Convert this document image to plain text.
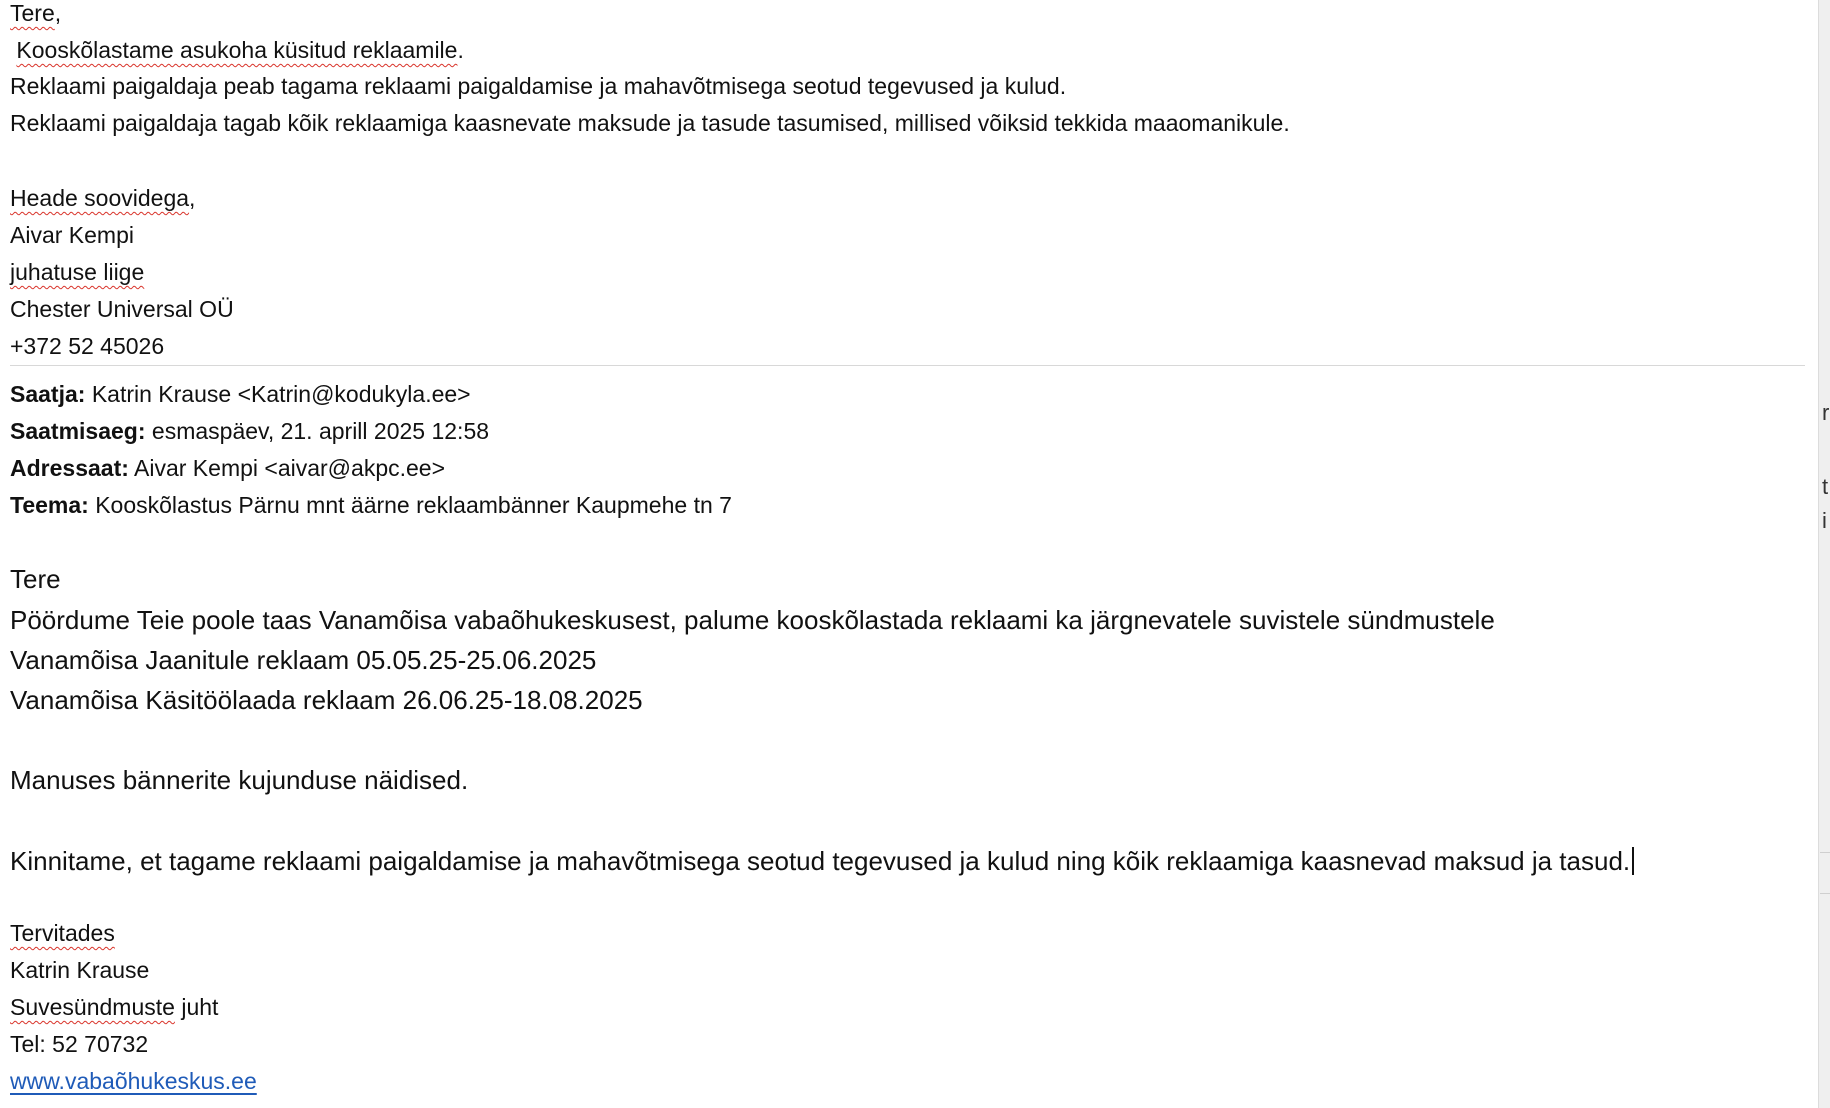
Tere,
Kooskõlastame asukoha küsitud reklaamile.
Reklaami paigaldaja peab tagama reklaami paigaldamise ja mahavõtmisega seotud tegevused ja kulud.
Reklaami paigaldaja tagab kõik reklaamiga kaasnevate maksude ja tasude tasumised, millised võiksid tekkida maaomanikule.
Heade soovidega,
Aivar Kempi
juhatuse liige
Chester Universal OÜ
+372 52 45026
Saatja: Katrin Krause <Katrin@kodukyla.ee>
Saatmisaeg: esmaspäev, 21. aprill 2025 12:58
Adressaat: Aivar Kempi <aivar@akpc.ee>
Teema: Kooskõlastus Pärnu mnt äärne reklaambänner Kaupmehe tn 7
Tere
Pöördume Teie poole taas Vanamõisa vabaõhukeskusest, palume kooskõlastada reklaami ka järgnevatele suvistele sündmustele
Vanamõisa Jaanitule reklaam 05.05.25-25.06.2025
Vanamõisa Käsitöölaada reklaam 26.06.25-18.08.2025
Manuses bännerite kujunduse näidised.
Kinnitame, et tagame reklaami paigaldamise ja mahavõtmisega seotud tegevused ja kulud ning kõik reklaamiga kaasnevad maksud ja tasud.
Tervitades
Katrin Krause
Suvesündmuste juht
Tel: 52 70732
www.vabaõhukeskus.ee
r
t
i
